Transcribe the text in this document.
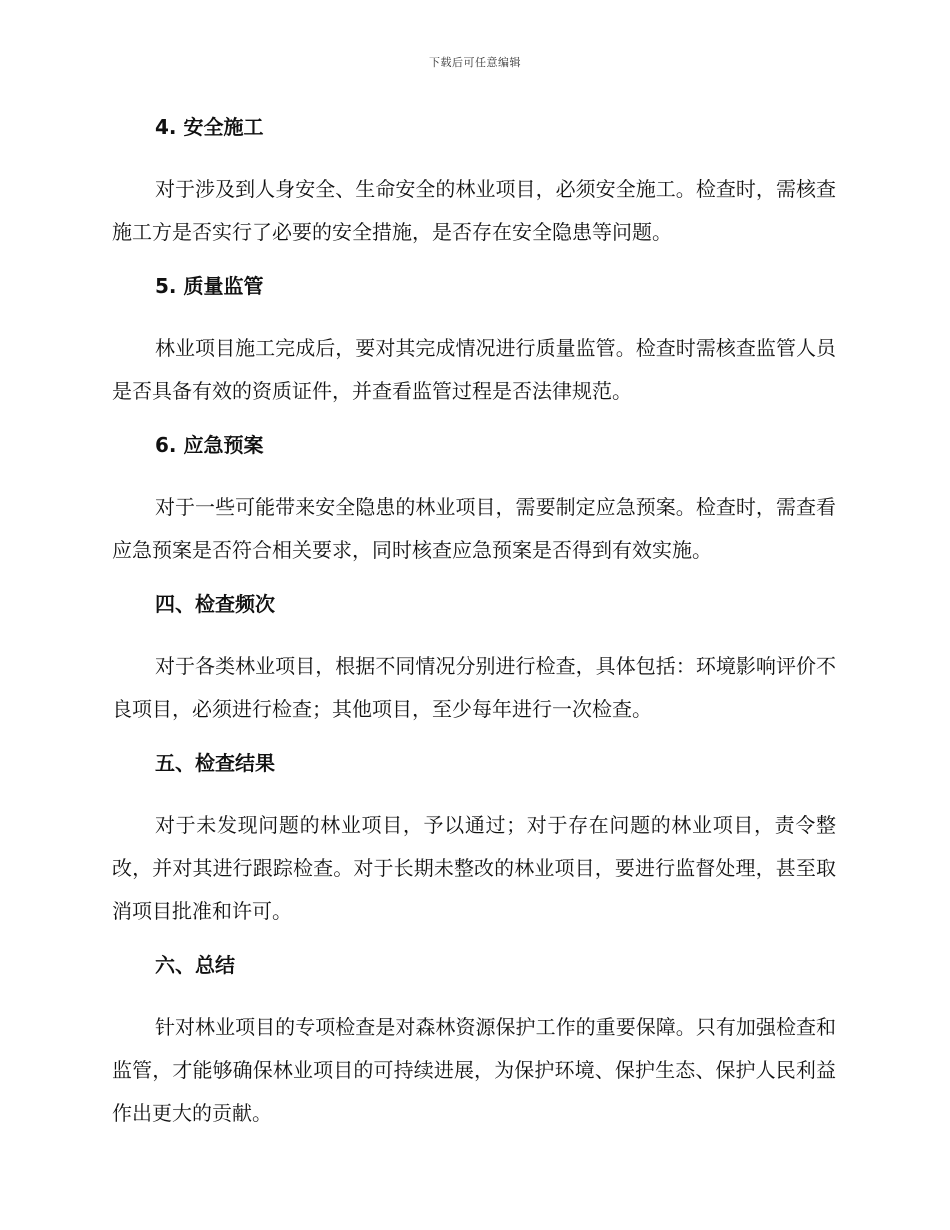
下载后可任意编辑

4. 安全施工

对于涉及到人身安全、生命安全的林业项目，必须安全施工。检查时，需核查施工方是否实行了必要的安全措施，是否存在安全隐患等问题。

5. 质量监管

林业项目施工完成后，要对其完成情况进行质量监管。检查时需核查监管人员是否具备有效的资质证件，并查看监管过程是否法律规范。

6. 应急预案

对于一些可能带来安全隐患的林业项目，需要制定应急预案。检查时，需查看应急预案是否符合相关要求，同时核查应急预案是否得到有效实施。

四、检查频次

对于各类林业项目，根据不同情况分别进行检查，具体包括：环境影响评价不良项目，必须进行检查；其他项目，至少每年进行一次检查。

五、检查结果

对于未发现问题的林业项目，予以通过；对于存在问题的林业项目，责令整改，并对其进行跟踪检查。对于长期未整改的林业项目，要进行监督处理，甚至取消项目批准和许可。

六、总结

针对林业项目的专项检查是对森林资源保护工作的重要保障。只有加强检查和监管，才能够确保林业项目的可持续进展，为保护环境、保护生态、保护人民利益作出更大的贡献。
